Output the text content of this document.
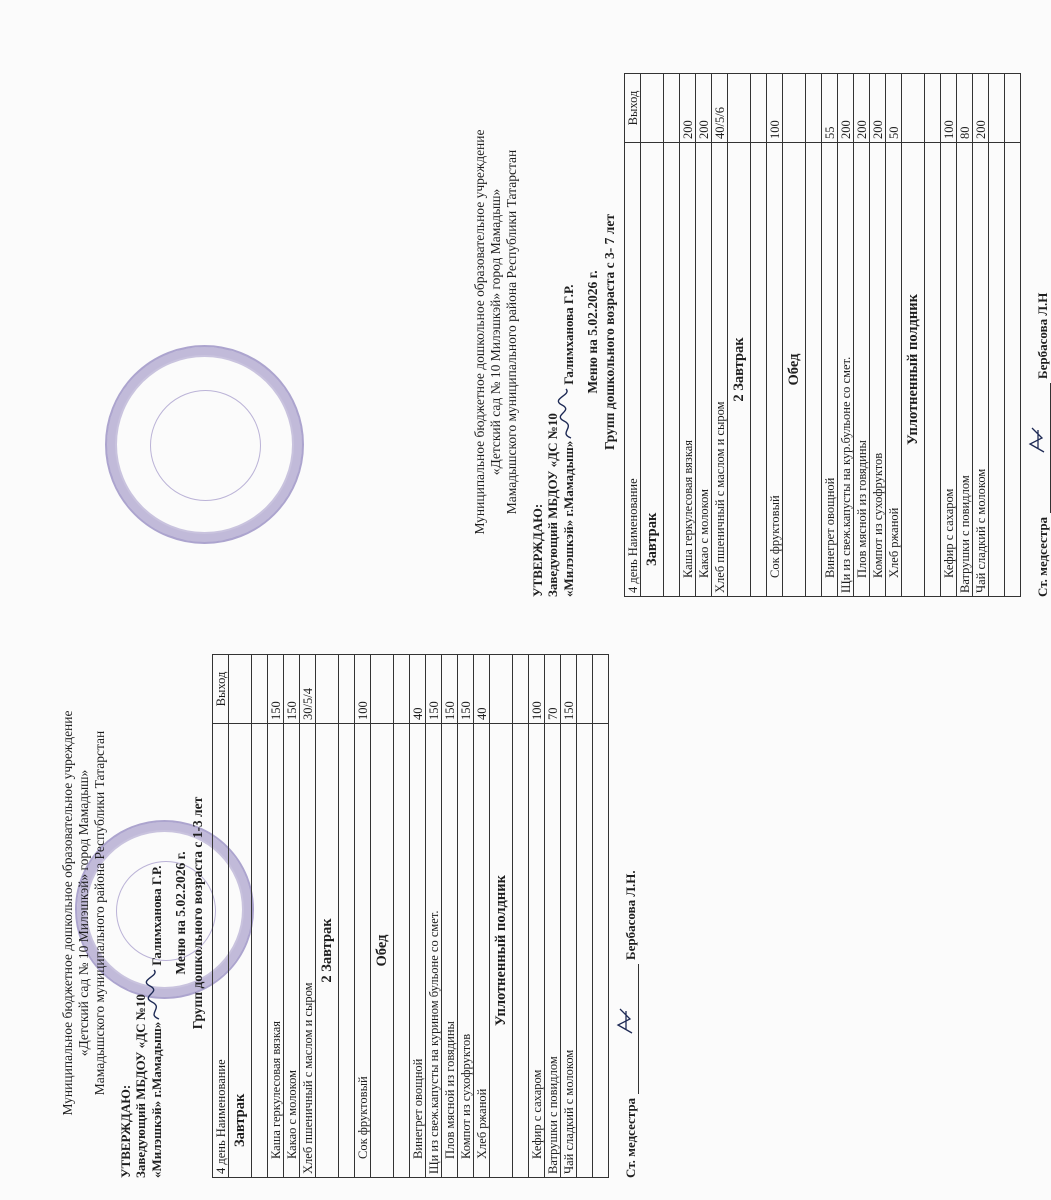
Муниципальное бюджетное дошкольное образовательное учреждение «Детский сад № 10 Милэшкэй» город Мамадыш» Мамадышского муниципального района Республики Татарстан
УТВЕРЖДАЮ: Заведующий МБДОУ «ДС №10 «Милэшкэй» г.Мамадыш»
Галимханова Г.Р. Меню на 5.02.2026 г. Групп дошкольного возраста с 1-3 лет
4 день Наименование	Выход
Завтрак	

Каша геркулесовая вязкая	150
Какао с молоком	150
Хлеб пшеничный с маслом и сыром	30/5/4
2 Завтрак	

Сок фруктовый	100
Обед	

Винегрет овощной	40
Щи из свеж.капусты на курином бульоне со смет.	150
Плов мясной из говядины	150
Компот из сухофруктов	150
Хлеб ржаной	40
Уплотненный полдник	

Кефир с сахаром	100
Ватрушки с повидлом	70
Чай сладкий с молоком	150

Ст. медсестра
Бербасова Л.Н.
Муниципальное бюджетное дошкольное образовательное учреждение «Детский сад № 10 Милэшкэй» город Мамадыш» Мамадышского муниципального района Республики Татарстан
УТВЕРЖДАЮ: Заведующий МБДОУ «ДС №10 «Милэшкэй» г.Мамадыш»
Галимханова Г.Р. Меню на 5.02.2026 г. Групп дошкольного возраста с 3- 7 лет
4 день Наименование	Выход
Завтрак	

Каша геркулесовая вязкая	200
Какао с молоком	200
Хлеб пшеничный с маслом и сыром	40/5/6
2 Завтрак	

Сок фруктовый	100
Обед	

Винегрет овощной	55
Щи из свеж.капусты на кур.бульоне со смет.	200
Плов мясной из говядины	200
Компот из сухофруктов	200
Хлеб ржаной	50
Уплотненный полдник	

Кефир с сахаром	100
Ватрушки с повидлом	80
Чай сладкий с молоком	200

Ст. медсестра
Бербасова Л.Н
